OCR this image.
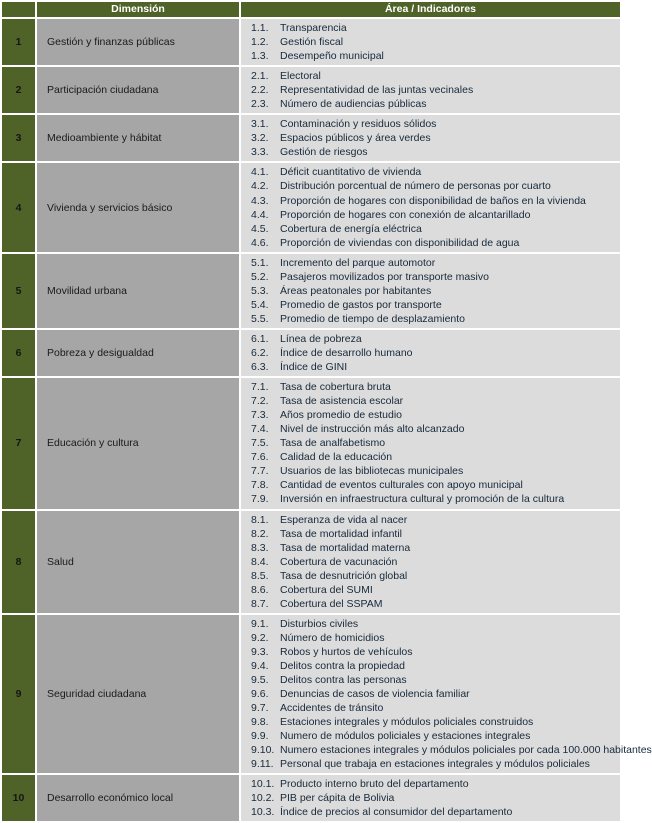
	Dimensión	Área / Indicadores
1	Gestión y finanzas públicas	
1.1.	Transparencia
1.2.	Gestión fiscal
1.3.	Desempeño municipal

2	Participación ciudadana	
2.1.	Electoral
2.2.	Representatividad de las juntas vecinales
2.3.	Número de audiencias públicas

3	Medioambiente y hábitat	
3.1.	Contaminación y residuos sólidos
3.2.	Espacios públicos y área verdes
3.3.	Gestión de riesgos

4	Vivienda y servicios básico	
4.1.	Déficit cuantitativo de vivienda
4.2.	Distribución porcentual de número de personas por cuarto
4.3.	Proporción de hogares con disponibilidad de baños en la vivienda
4.4.	Proporción de hogares con conexión de alcantarillado
4.5.	Cobertura de energía eléctrica
4.6.	Proporción de viviendas con disponibilidad de agua

5	Movilidad urbana	
5.1.	Incremento del parque automotor
5.2.	Pasajeros movilizados por transporte masivo
5.3.	Áreas peatonales por habitantes
5.4.	Promedio de gastos por transporte
5.5.	Promedio de tiempo de desplazamiento

6	Pobreza y desigualdad	
6.1.	Línea de pobreza
6.2.	Índice de desarrollo humano
6.3.	Índice de GINI

7	Educación y cultura	
7.1.	Tasa de cobertura bruta
7.2.	Tasa de asistencia escolar
7.3.	Años promedio de estudio
7.4.	Nivel de instrucción más alto alcanzado
7.5.	Tasa de analfabetismo
7.6.	Calidad de la educación
7.7.	Usuarios de las bibliotecas municipales
7.8.	Cantidad de eventos culturales con apoyo municipal
7.9.	Inversión en infraestructura cultural y promoción de la cultura

8	Salud	
8.1.	Esperanza de vida al nacer
8.2.	Tasa de mortalidad infantil
8.3.	Tasa de mortalidad materna
8.4.	Cobertura de vacunación
8.5.	Tasa de desnutrición global
8.6.	Cobertura del SUMI
8.7.	Cobertura del SSPAM

9	Seguridad ciudadana	
9.1.	Disturbios civiles
9.2.	Número de homicidios
9.3.	Robos y hurtos de vehículos
9.4.	Delitos contra la propiedad
9.5.	Delitos contra las personas
9.6.	Denuncias de casos de violencia familiar
9.7.	Accidentes de tránsito
9.8.	Estaciones integrales y módulos policiales construidos
9.9.	Numero de módulos policiales y estaciones integrales
9.10. Numero estaciones integrales y módulos policiales por cada 100.000 habitantes
9.11. Personal que trabaja en estaciones integrales y módulos policiales

10	Desarrollo económico local	
10.1. Producto interno bruto del departamento
10.2. PIB per cápita de Bolivia
10.3. Índice de precios al consumidor del departamento
